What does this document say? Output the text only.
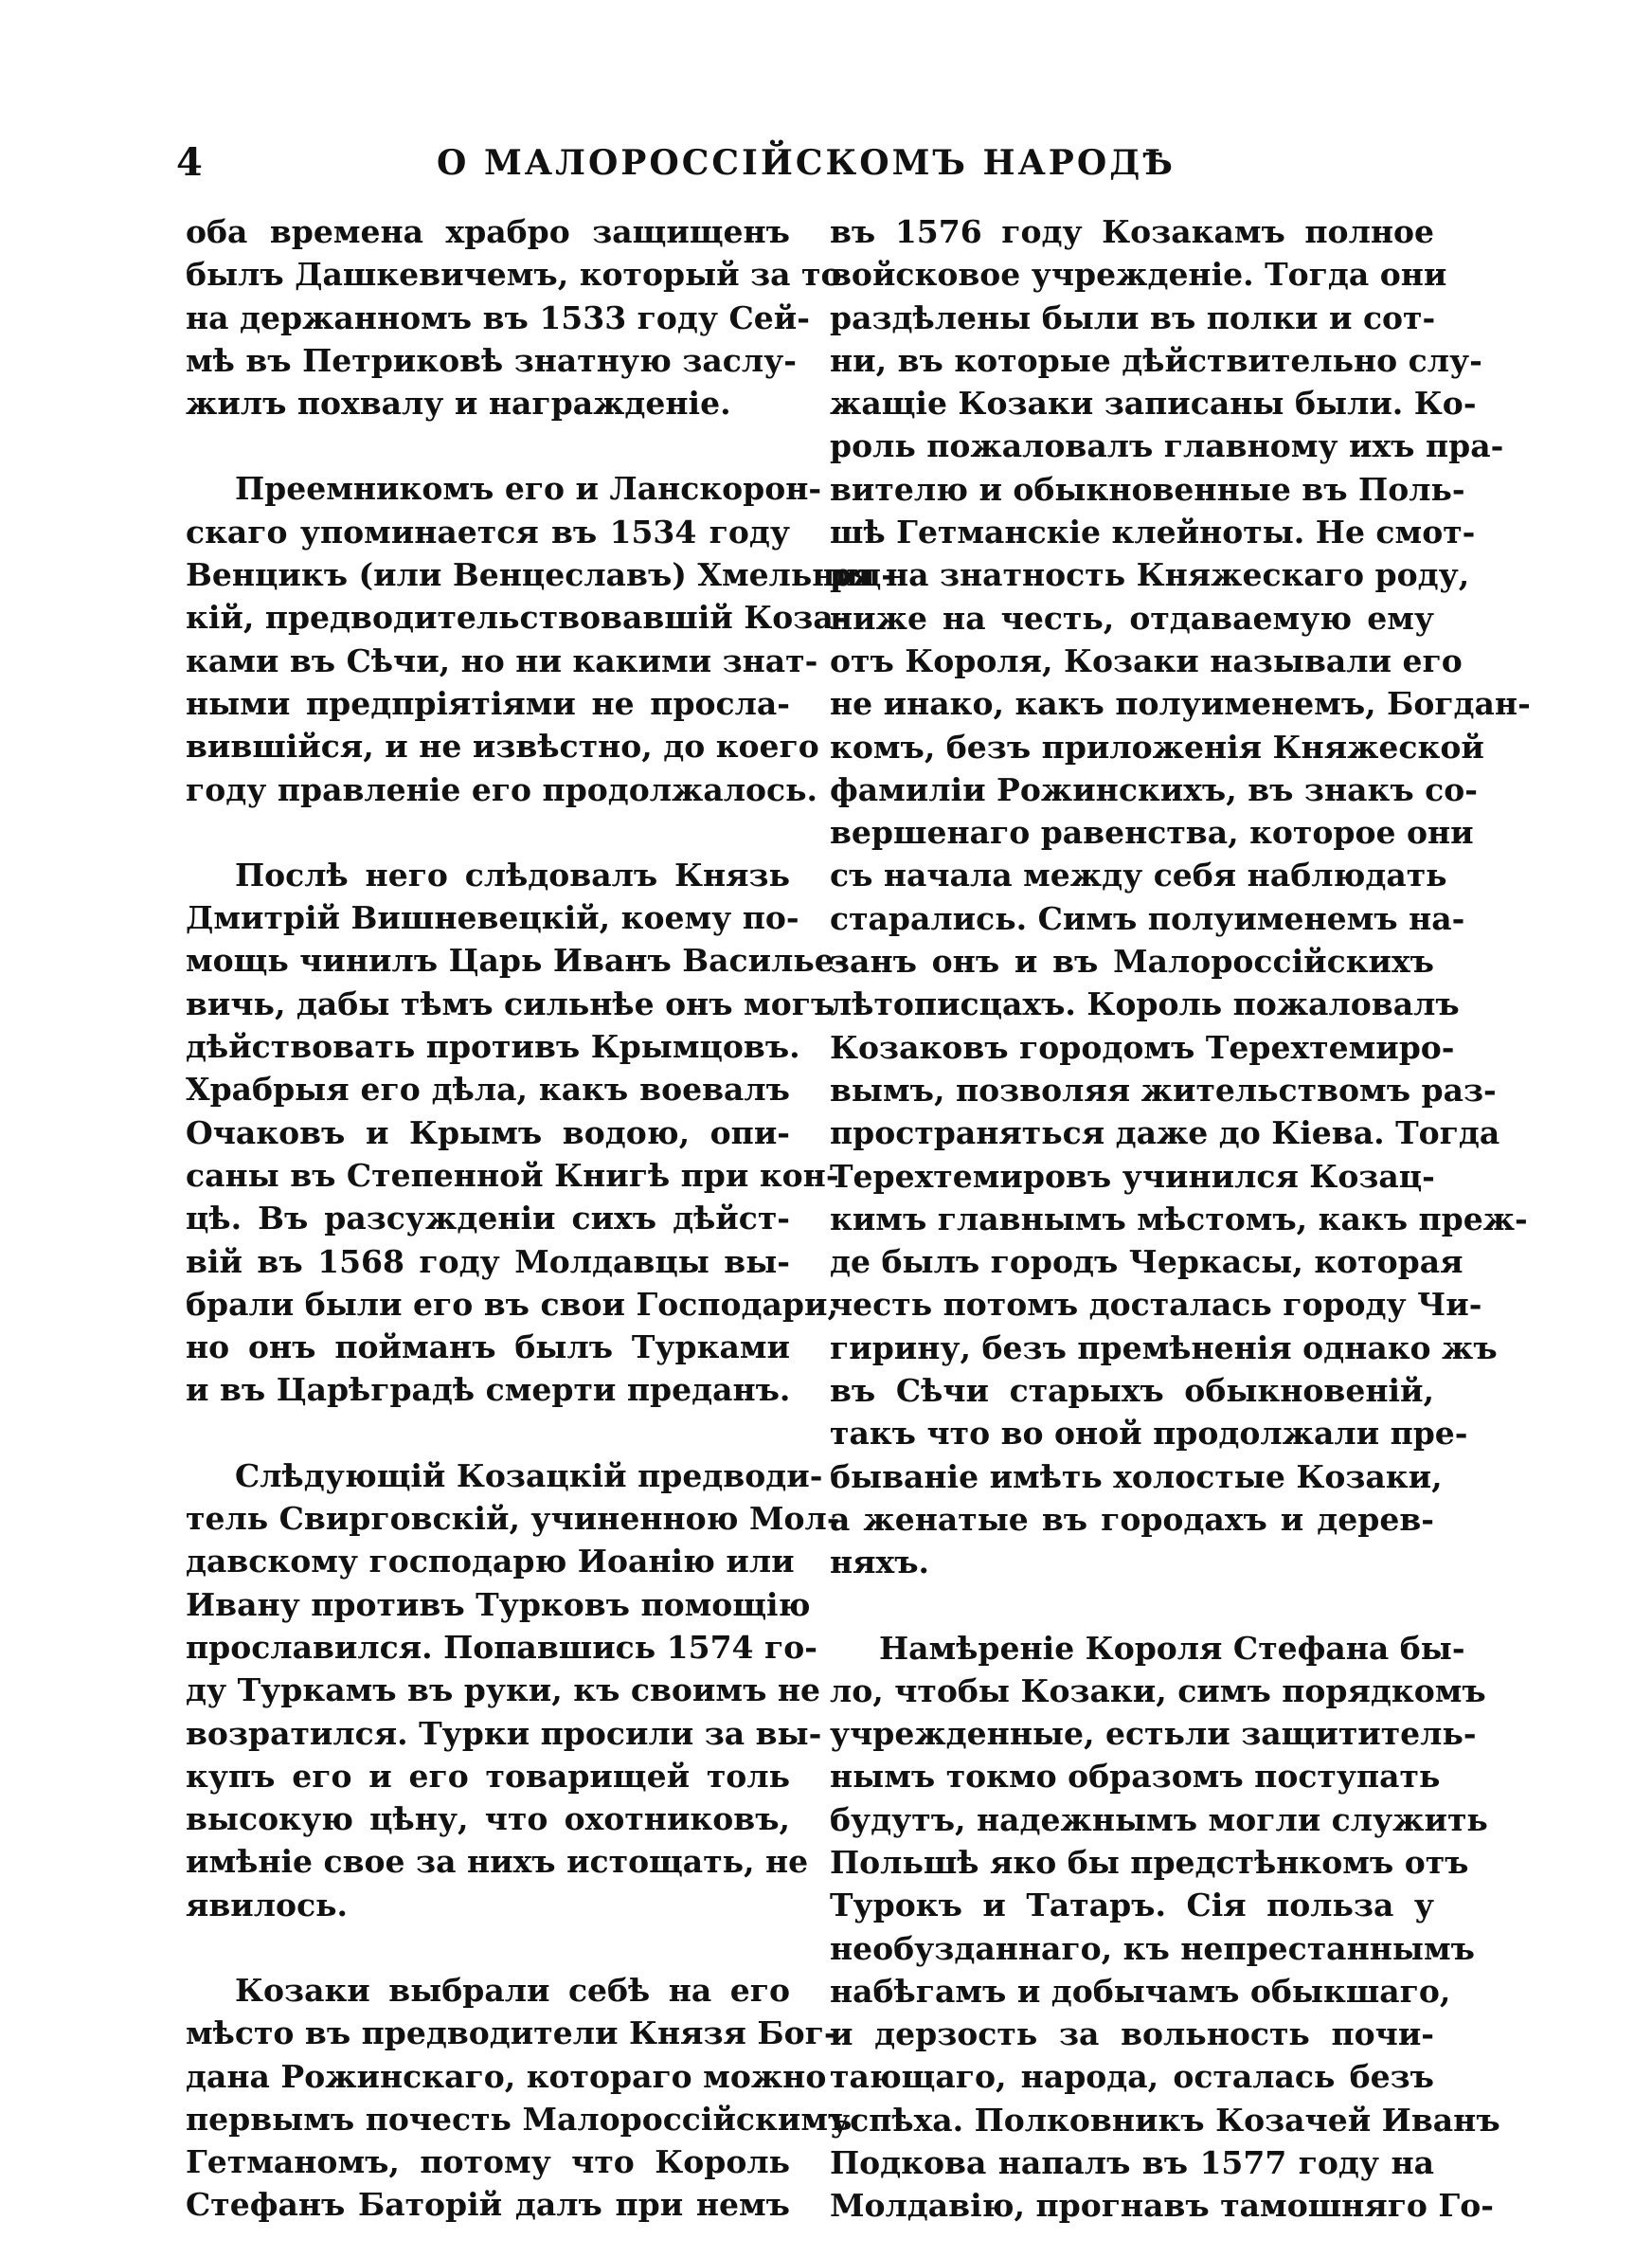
4	О МАЛОРОССІЙСКОМЪ НАРОДѢ
оба времена храбро защищенъ
былъ Дашкевичемъ, который за то
на держанномъ въ 1533 году Сей-
мѣ въ Петриковѣ знатную заслу-
жилъ похвалу и награжденіе.
Преемникомъ его и Ланскорон-
скаго упоминается въ 1534 году
Венцикъ (или Венцеславъ) Хмельниц-
кій, предводительствовавшій Коза-
ками въ Сѣчи, но ни какими знат-
ными предпріятіями не просла-
вившійся, и не извѣстно, до коего
году правленіе его продолжалось.
Послѣ него слѣдовалъ Князь
Дмитрій Вишневецкій, коему по-
мощь чинилъ Царь Иванъ Васильe-
вичь, дабы тѣмъ сильнѣе онъ могъ
дѣйствовать противъ Крымцовъ.
Храбрыя его дѣла, какъ воевалъ
Очаковъ и Крымъ водою, опи-
саны въ Степенной Книгѣ при кон-
цѣ. Въ разсужденіи сихъ дѣйст-
вій въ 1568 году Молдавцы вы-
брали были его въ свои Господари,
но онъ пойманъ былъ Турками
и въ Царѣградѣ смерти преданъ.
Слѣдующій Козацкій предводи-
тель Свирговскій, учиненною Мол-
давскому господарю Иоанію или
Ивану противъ Турковъ помощію
прославился. Попавшись 1574 го-
ду Туркамъ въ руки, къ своимъ не
возратился. Турки просили за вы-
купъ его и его товарищей толь
высокую цѣну, что охотниковъ,
имѣніе свое за нихъ истощать, не
явилось.
Козаки выбрали себѣ на его
мѣсто въ предводители Князя Бог-
дана Рожинскаго, котораго можно
первымъ почесть Малороссійскимъ
Гетманомъ, потому что Король
Стефанъ Баторій далъ при немъ
въ 1576 году Козакамъ полное
войсковое учрежденіе. Тогда они
раздѣлены были въ полки и сот-
ни, въ которые дѣйствительно слу-
жащіе Козаки записаны были. Ко-
роль пожаловалъ главному ихъ пра-
вителю и обыкновенные въ Поль-
шѣ Гетманскіе клейноты. Не смот-
ря на знатность Княжескаго роду,
ниже на честь, отдаваемую ему
отъ Короля, Козаки называли его
не инако, какъ полуименемъ, Богдан-
комъ, безъ приложенія Княжеской
фамиліи Рожинскихъ, въ знакъ со-
вершенаго равенства, которое они
съ начала между себя наблюдать
старались. Симъ полуименемъ на-
занъ онъ и въ Малороссійскихъ
лѣтописцахъ. Король пожаловалъ
Козаковъ городомъ Терехтемиро-
вымъ, позволяя жительствомъ раз-
пространяться даже до Кіева. Тогда
Терехтемировъ учинился Козац-
кимъ главнымъ мѣстомъ, какъ преж-
де былъ городъ Черкасы, которая
честь потомъ досталась городу Чи-
гирину, безъ премѣненія однако жъ
въ Сѣчи старыхъ обыкновеній,
такъ что во оной продолжали пре-
бываніе имѣть холостые Козаки,
а женатые въ городахъ и дерев-
няхъ.
Намѣреніе Короля Стефана бы-
ло, чтобы Козаки, симъ порядкомъ
учрежденные, естьли защититель-
нымъ токмо образомъ поступать
будутъ, надежнымъ могли служить
Польшѣ яко бы предстѣнкомъ отъ
Турокъ и Татаръ. Сія польза у
необузданнаго, къ непрестаннымъ
набѣгамъ и добычамъ обыкшаго,
и дерзость за вольность почи-
тающаго, народа, осталась безъ
успѣха. Полковникъ Козачей Иванъ
Подкова напалъ въ 1577 году на
Молдавію, прогнавъ тамошняго Го-
